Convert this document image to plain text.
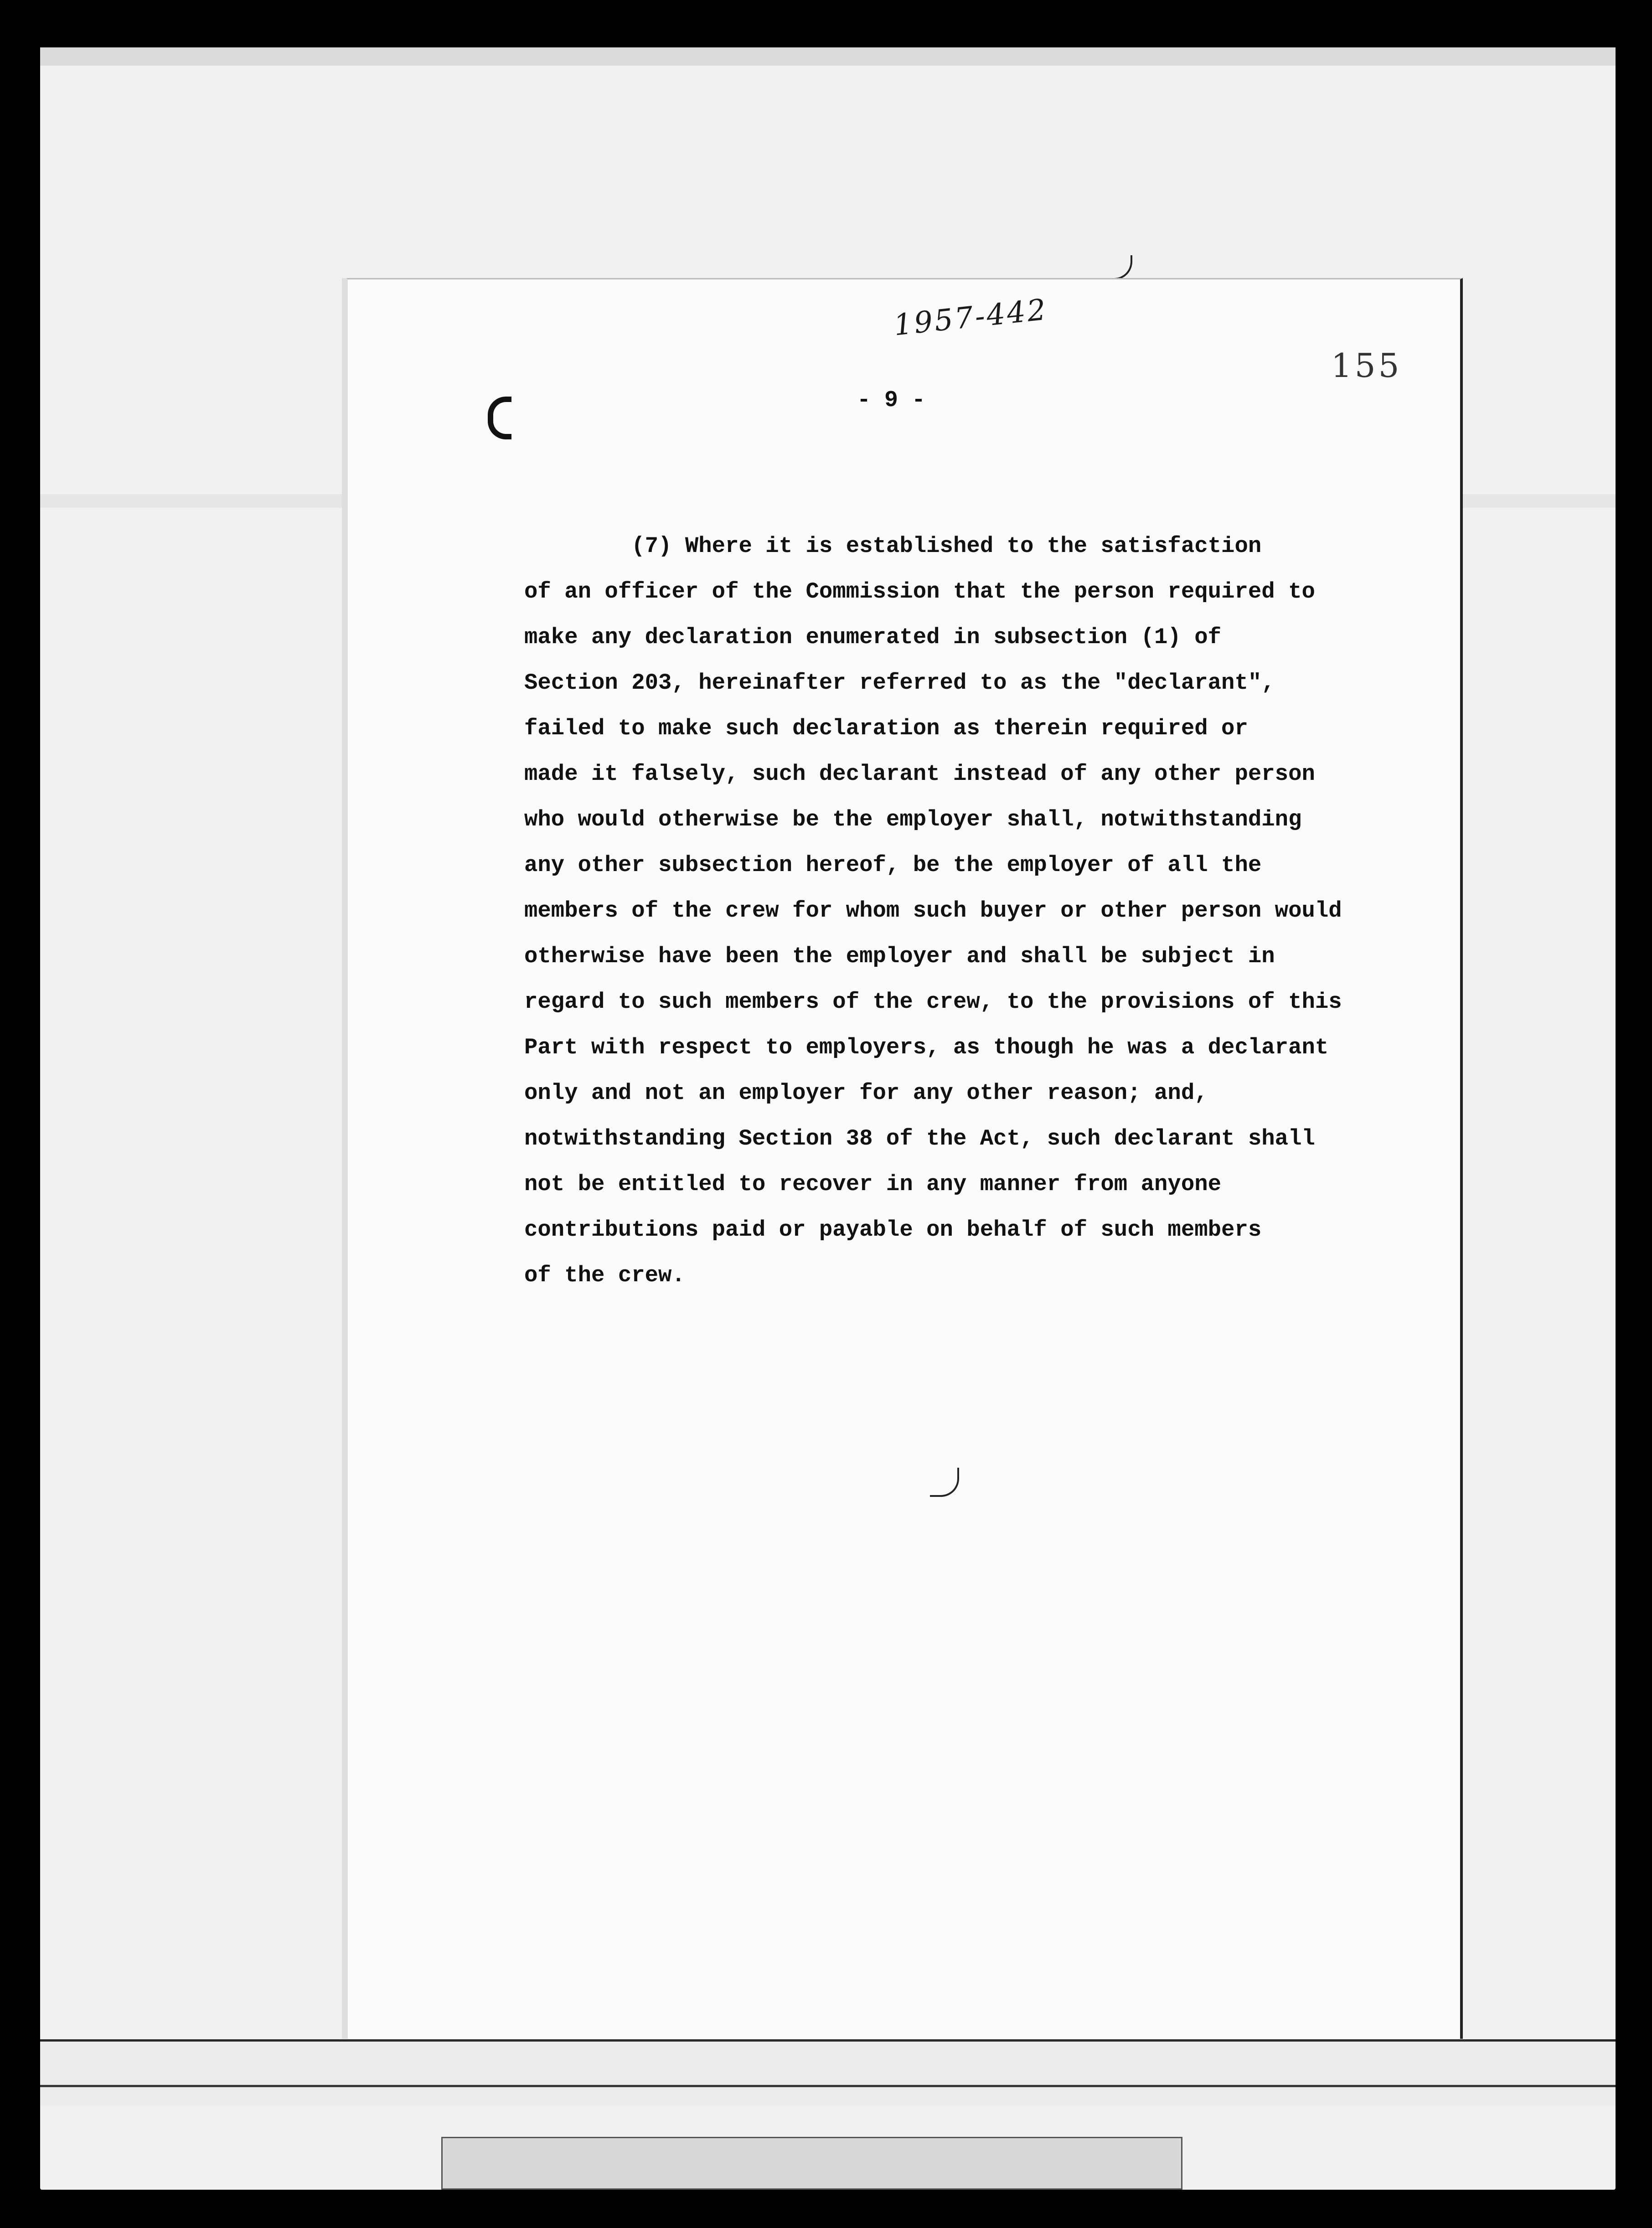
1957-442
155
- 9 -
(7) Where it is established to the satisfaction
of an officer of the Commission that the person required to
make any declaration enumerated in subsection (1) of
Section 203, hereinafter referred to as the "declarant",
failed to make such declaration as therein required or
made it falsely, such declarant instead of any other person
who would otherwise be the employer shall, notwithstanding
any other subsection hereof, be the employer of all the
members of the crew for whom such buyer or other person would
otherwise have been the employer and shall be subject in
regard to such members of the crew, to the provisions of this
Part with respect to employers, as though he was a declarant
only and not an employer for any other reason; and,
notwithstanding Section 38 of the Act, such declarant shall
not be entitled to recover in any manner from anyone
contributions paid or payable on behalf of such members
of the crew.
